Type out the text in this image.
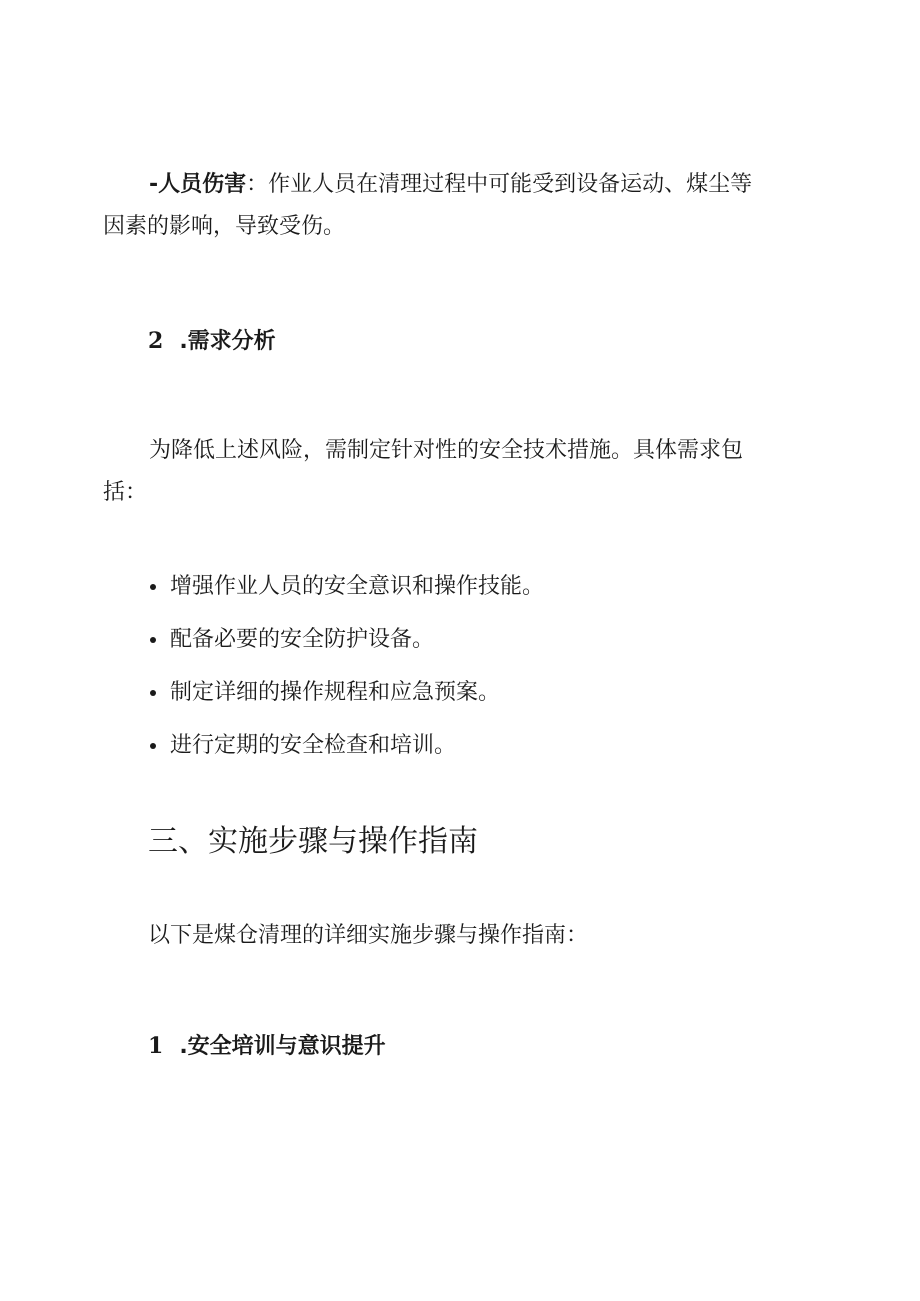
-人员伤害：作业人员在清理过程中可能受到设备运动、煤尘等因素的影响，导致受伤。

2 .需求分析

为降低上述风险，需制定针对性的安全技术措施。具体需求包括：

增强作业人员的安全意识和操作技能。
配备必要的安全防护设备。
制定详细的操作规程和应急预案。
进行定期的安全检查和培训。
三、实施步骤与操作指南

以下是煤仓清理的详细实施步骤与操作指南：

1 .安全培训与意识提升
